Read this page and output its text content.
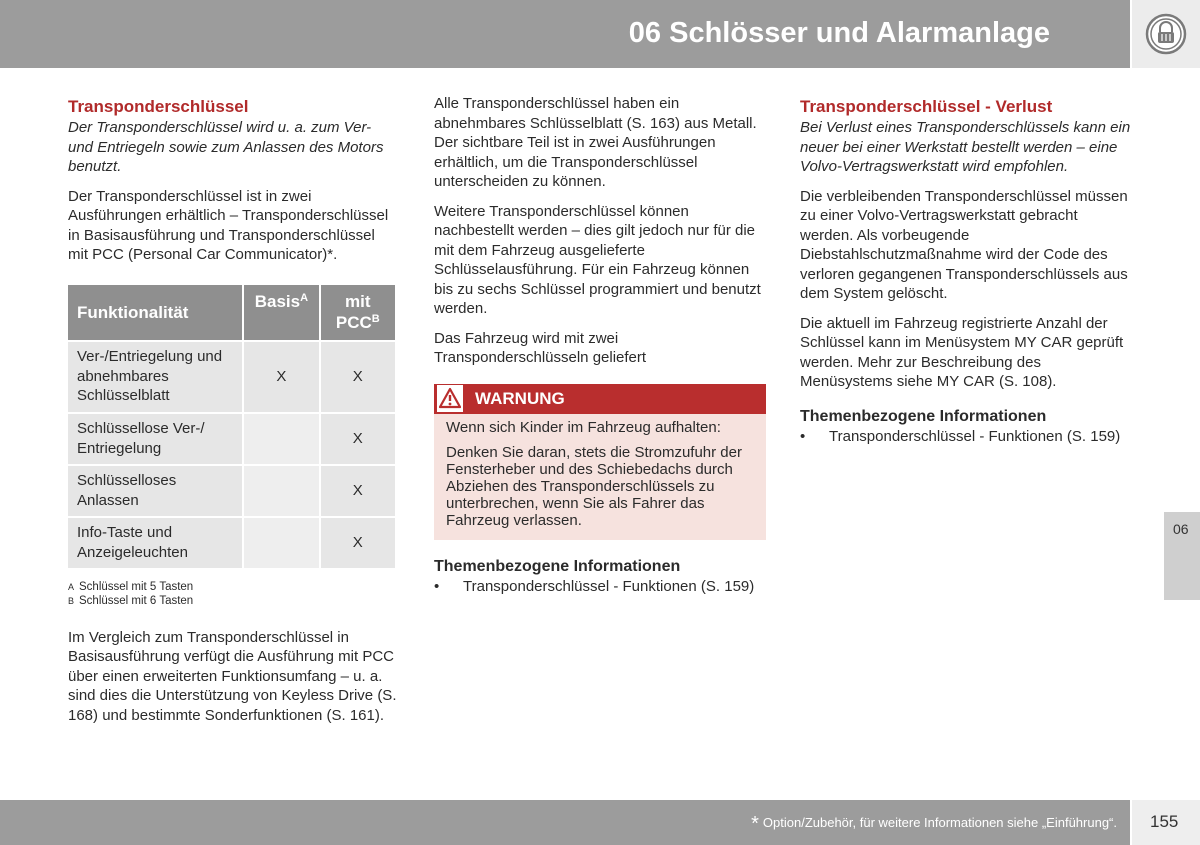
06 Schlösser und Alarmanlage
Transponderschlüssel

Der Transponderschlüssel wird u. a. zum Ver- und Entriegeln sowie zum Anlassen des Motors benutzt.

Der Transponderschlüssel ist in zwei Ausführungen erhältlich – Transponderschlüssel in Basisausführung und Transponderschlüssel mit PCC (Personal Car Communicator)*.

Funktionalität	Basis$^A$	mit
$PCC^B$
Ver-/Entriegelung und abnehmbares Schlüsselblatt	X	X
Schlüssellose Ver-/ Entriegelung		X
Schlüsselloses Anlassen		X
Info-Taste und Anzeigeleuchten		X
A Schlüssel mit 5 Tasten
B Schlüssel mit 6 Tasten

Im Vergleich zum Transponderschlüssel in Basisausführung verfügt die Ausführung mit PCC über einen erweiterten Funktionsumfang – u. a. sind dies die Unterstützung von Keyless Drive (S. 168) und bestimmte Sonderfunktionen (S. 161).

Alle Transponderschlüssel haben ein abnehmbares Schlüsselblatt (S. 163) aus Metall. Der sichtbare Teil ist in zwei Ausführungen erhältlich, um die Transponderschlüssel unterscheiden zu können.

Weitere Transponderschlüssel können nachbestellt werden – dies gilt jedoch nur für die mit dem Fahrzeug ausgelieferte Schlüsselausführung. Für ein Fahrzeug können bis zu sechs Schlüssel programmiert und benutzt werden.

Das Fahrzeug wird mit zwei Transponderschlüsseln geliefert

WARNUNG

Wenn sich Kinder im Fahrzeug aufhalten:

Denken Sie daran, stets die Stromzufuhr der Fensterheber und des Schiebedachs durch Abziehen des Transponderschlüssels zu unterbrechen, wenn Sie als Fahrer das Fahrzeug verlassen.

Themenbezogene Informationen
• Transponderschlüssel - Funktionen (S. 159)
Transponderschlüssel - Verlust

Bei Verlust eines Transponderschlüssels kann ein neuer bei einer Werkstatt bestellt werden – eine Volvo-Vertragswerkstatt wird empfohlen.

Die verbleibenden Transponderschlüssel müssen zu einer Volvo-Vertragswerkstatt gebracht werden. Als vorbeugende Diebstahlschutzmaßnahme wird der Code des verloren gegangenen Transponderschlüssels aus dem System gelöscht.

Die aktuell im Fahrzeug registrierte Anzahl der Schlüssel kann im Menüsystem MY CAR geprüft werden. Mehr zur Beschreibung des Menüsystems siehe MY CAR (S. 108).

Themenbezogene Informationen
• Transponderschlüssel - Funktionen (S. 159)
06
* Option/Zubehör, für weitere Informationen siehe „Einführung“. 155
